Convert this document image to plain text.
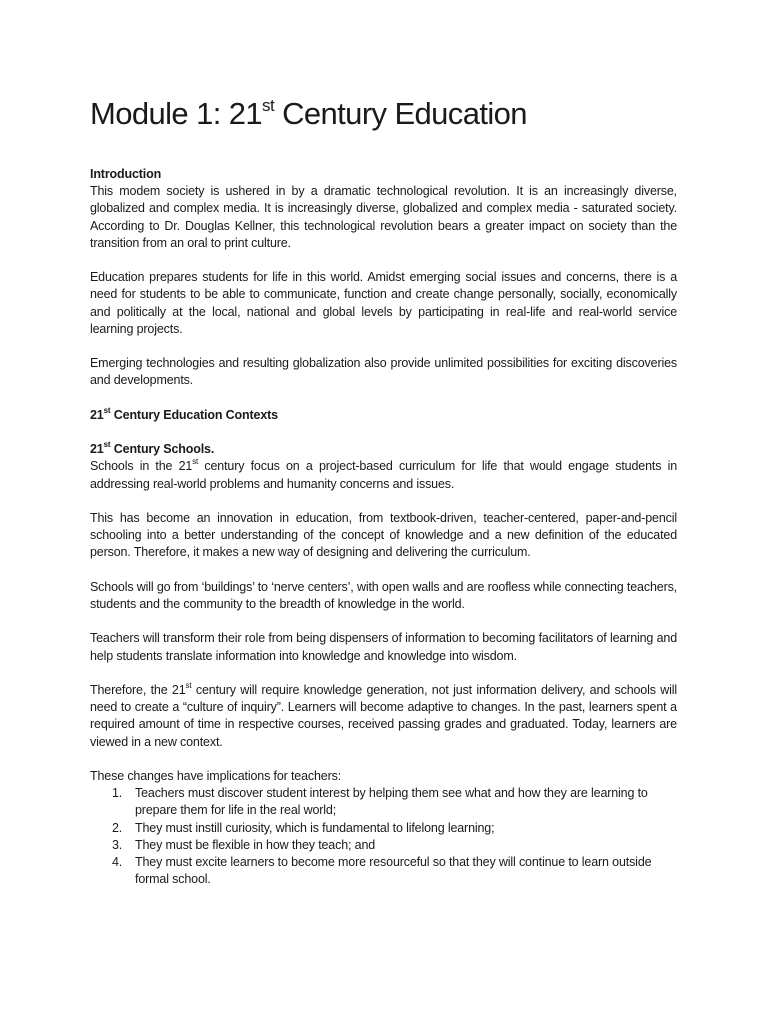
Module 1: 21st Century Education

Introduction

This modem society is ushered in by a dramatic technological revolution. It is an increasingly diverse, globalized and complex media. It is increasingly diverse, globalized and complex media - saturated society. According to Dr. Douglas Kellner, this technological revolution bears a greater impact on society than the transition from an oral to print culture.

Education prepares students for life in this world. Amidst emerging social issues and concerns, there is a need for students to be able to communicate, function and create change personally, socially, economically and politically at the local, national and global levels by participating in real-life and real-world service learning projects.

Emerging technologies and resulting globalization also provide unlimited possibilities for exciting discoveries and developments.

21st Century Education Contexts

21st Century Schools.

Schools in the 21st century focus on a project-based curriculum for life that would engage students in addressing real-world problems and humanity concerns and issues.

This has become an innovation in education, from textbook-driven, teacher-centered, paper-and-pencil schooling into a better understanding of the concept of knowledge and a new definition of the educated person. Therefore, it makes a new way of designing and delivering the curriculum.

Schools will go from ‘buildings’ to ‘nerve centers’, with open walls and are roofless while connecting teachers, students and the community to the breadth of knowledge in the world.

Teachers will transform their role from being dispensers of information to becoming facilitators of learning and help students translate information into knowledge and knowledge into wisdom.

Therefore, the 21st century will require knowledge generation, not just information delivery, and schools will need to create a “culture of inquiry”. Learners will become adaptive to changes. In the past, learners spent a required amount of time in respective courses, received passing grades and graduated. Today, learners are viewed in a new context.

These changes have implications for teachers:

1. Teachers must discover student interest by helping them see what and how they are learning to prepare them for life in the real world;
2. They must instill curiosity, which is fundamental to lifelong learning;
3. They must be flexible in how they teach; and
4. They must excite learners to become more resourceful so that they will continue to learn outside formal school.
